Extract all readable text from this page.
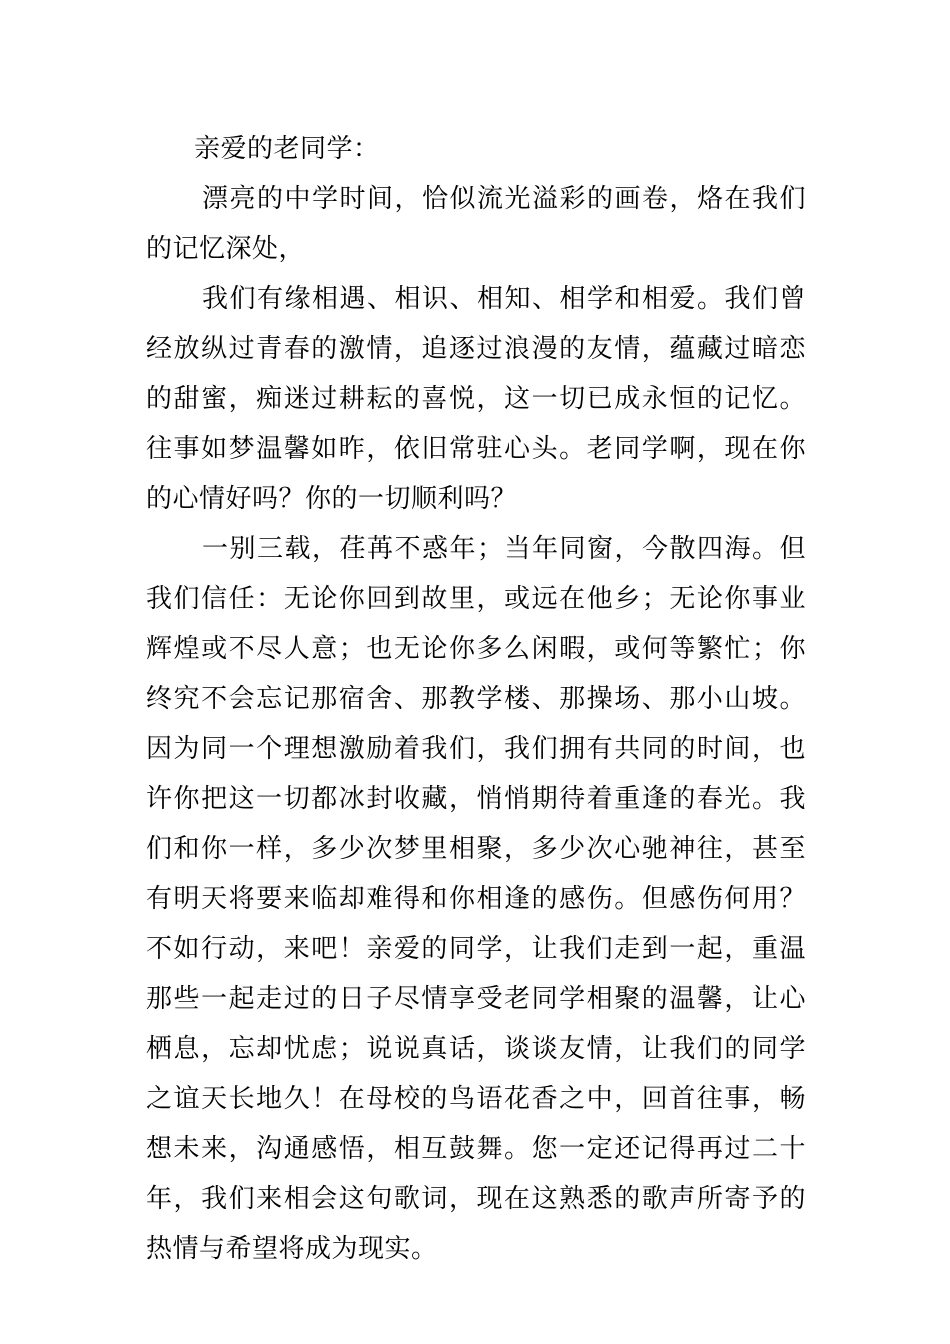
亲爱的老同学：

漂亮的中学时间，恰似流光溢彩的画卷，烙在我们的记忆深处，

我们有缘相遇、相识、相知、相学和相爱。我们曾经放纵过青春的激情，追逐过浪漫的友情，蕴藏过暗恋的甜蜜，痴迷过耕耘的喜悦，这一切已成永恒的记忆。往事如梦温馨如昨，依旧常驻心头。老同学啊，现在你的心情好吗？你的一切顺利吗？

一别三载，荏苒不惑年；当年同窗，今散四海。但我们信任：无论你回到故里，或远在他乡；无论你事业辉煌或不尽人意；也无论你多么闲暇，或何等繁忙；你终究不会忘记那宿舍、那教学楼、那操场、那小山坡。因为同一个理想激励着我们，我们拥有共同的时间，也许你把这一切都冰封收藏，悄悄期待着重逢的春光。我们和你一样，多少次梦里相聚，多少次心驰神往，甚至有明天将要来临却难得和你相逢的感伤。但感伤何用？不如行动，来吧！亲爱的同学，让我们走到一起，重温那些一起走过的日子尽情享受老同学相聚的温馨，让心栖息，忘却忧虑；说说真话，谈谈友情，让我们的同学之谊天长地久！在母校的鸟语花香之中，回首往事，畅想未来，沟通感悟，相互鼓舞。您一定还记得再过二十年，我们来相会这句歌词，现在这熟悉的歌声所寄予的热情与希望将成为现实。
